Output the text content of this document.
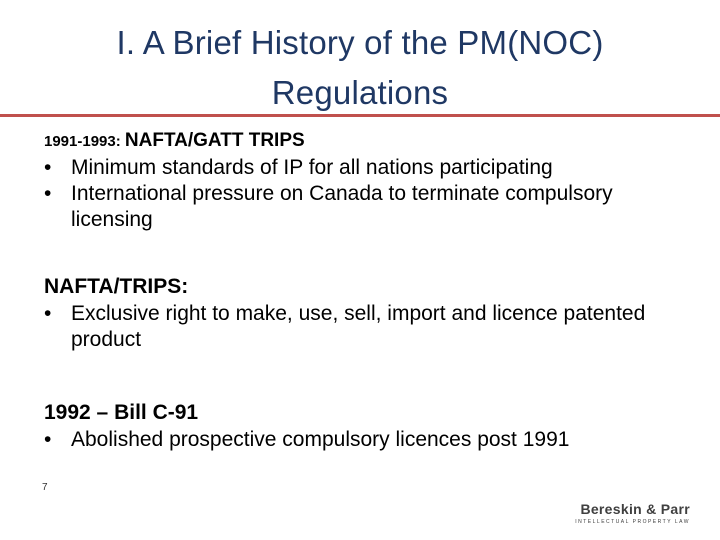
I. A Brief History of the PM(NOC)
Regulations

1991-1993: NAFTA/GATT TRIPS

• Minimum standards of IP for all nations participating
• International pressure on Canada to terminate compulsory licensing

NAFTA/TRIPS:

• Exclusive right to make, use, sell, import and licence patented product

1992 – Bill C-91

• Abolished prospective compulsory licences post 1991
7
Bereskin & Parr
INTELLECTUAL PROPERTY LAW
